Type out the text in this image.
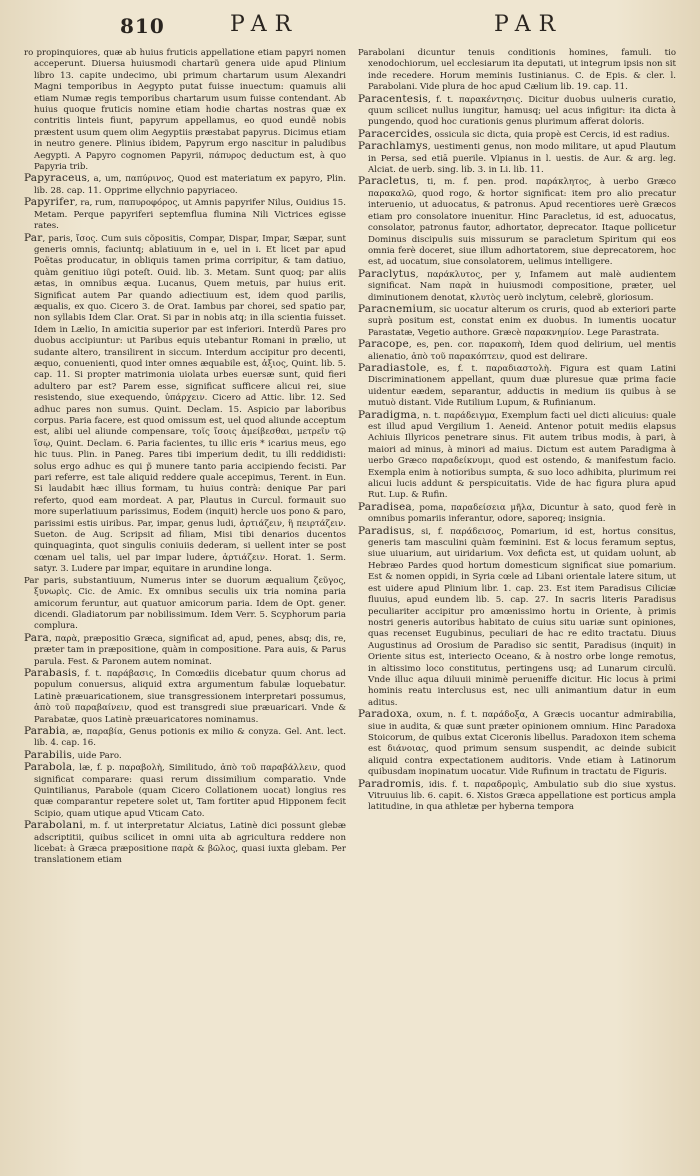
810	PAR	PAR
ro propinquiores, quæ ab huius fruticis appellatione etiam papyri nomen acceperunt. Diuersa huiusmodi chartarũ genera uide apud Plinium libro 13. capite undecimo, ubi primum chartarum usum Alexandri Magni temporibus in Aegypto putat fuisse inuectum: quamuis alii etiam Numæ regis temporibus chartarum usum fuisse contendant. Ab huius quoque fruticis nomine etiam hodie chartas nostras quæ ex contritis linteis fiunt, papyrum appellamus, eo quod eundẽ nobis præstent usum quem olim Aegyptiis præstabat papyrus. Dicimus etiam in neutro genere. Plinius ibidem, Papyrum ergo nascitur in paludibus Aegypti. A Papyro cognomen Papyrii, πάπυρος deductum est, à quo Papyria trib.
Papyraceus, a, um, παπύρινος, Quod est materiatum ex papyro, Plin. lib. 28. cap. 11. Opprime ellychnio papyriaceo.
Papyrifer, ra, rum, παπυροφόρος, ut Amnis papyrifer Nilus, Ouidius 15. Metam. Perque papyriferi septemflua flumina Nili Victrices egisse rates.
Par, paris, ἴσος. Cum suis cõpositis, Compar, Dispar, Impar, Sæpar, sunt generis omnis, faciuntq; ablatiuum in e, uel in i. Et licet par apud Poëtas producatur, in obliquis tamen prima corripitur, & tam datiuo, quàm genitiuo iũgi poteſt. Ouid. lib. 3. Metam. Sunt quoq; par aliis ætas, in omnibus æqua. Lucanus, Quem metuis, par huius erit. Significat autem Par quando adiectiuum est, idem quod parilis, æqualis, ex quo. Cicero 3. de Orat. Iambus par chorei, sed spatio par, non syllabis Idem Clar. Orat. Si par in nobis atq; in illa scientia fuisset. Idem in Lælio, In amicitia superior par est inferiori. Interdũ Pares pro duobus accipiuntur: ut Paribus equis utebantur Romani in prælio, ut sudante altero, transilirent in siccum. Interdum accipitur pro decenti, æquo, conuenienti, quod inter omnes æquabile est, ἀξιος, Quint. lib. 5. cap. 11. Si propter matrimonia uiolata urbes euersæ sunt, quid fieri adultero par est? Parem esse, significat sufficere alicui rei, siue resistendo, siue exequendo, ὑπάρχειν. Cicero ad Attic. libr. 12. Sed adhuc pares non sumus. Quint. Declam. 15. Aspicio par laboribus corpus. Paria facere, est quod omissum est, uel quod aliunde acceptum est, alibi uel aliunde compensare, τοῖς ἴσοις ἀμείβεσθαι, μετρεῖν τῷ ἴσῳ, Quint. Declam. 6. Paria facientes, tu illic eris * icarius meus, ego hic tuus. Plin. in Paneg. Pares tibi imperium dedit, tu illi reddidisti: solus ergo adhuc es qui p̃ munere tanto paria accipiendo fecisti. Par pari referre, est tale aliquid reddere quale accepimus, Terent. in Eun. Si laudabit hæc illius formam, tu huius contrà: denique Par pari referto, quod eam mordeat. A par, Plautus in Curcul. formauit suo more superlatiuum parissimus, Eodem (inquit) hercle uos pono & paro, parissimi estis uiribus. Par, impar, genus ludi, ἀρτιάζειν, ἢ πειρτάζειν. Sueton. de Aug. Scripsit ad filiam, Misi tibi denarios ducentos quinquaginta, quot singulis coniuiis dederam, si uellent inter se post cœnam uel talis, uel par impar ludere, ἀρτιάζειν. Horat. 1. Serm. satyr. 3. Ludere par impar, equitare in arundine longa.
Par paris, substantiuum, Numerus inter se duorum æqualium ζεῦγος, ξυνωρὶς. Cic. de Amic. Ex omnibus seculis uix tria nomina paria amicorum feruntur, aut quatuor amicorum paria. Idem de Opt. gener. dicendi. Gladiatorum par nobilissimum. Idem Verr. 5. Scyphorum paria complura.
Para, παρὰ, præpositio Græca, significat ad, apud, penes, absq; dis, re, præter tam in præpositione, quàm in compositione. Para auis, & Parus parula. Fest. & Paronem autem nominat.
Parabasis, f. t. παράβασις, In Comœdiis dicebatur quum chorus ad populum conuersus, aliquid extra argumentum fabulæ loquebatur. Latinè præuaricationem, siue transgressionem interpretari possumus, ἀπὸ τοῦ παραβαίνειν, quod est transgredi siue præuaricari. Vnde & Parabatæ, quos Latinè præuaricatores nominamus.
Parabia, æ, παραβία, Genus potionis ex milio & conyza. Gel. Ant. lect. lib. 4. cap. 16.
Parabilis, uide Paro.
Parabola, læ, f. p. παραβολὴ, Similitudo, ἀπὸ τοῦ παραβάλλειν, quod significat comparare: quasi rerum dissimilium comparatio. Vnde Quintilianus, Parabole (quam Cicero Collationem uocat) longius res quæ comparantur repetere solet ut, Tam fortiter apud Hipponem fecit Scipio, quam utique apud Vticam Cato.
Parabolani, m. f. ut interpretatur Alciatus, Latinè dici possunt glebæ adscriptitii, quibus scilicet in omni uita ab agricultura reddere non licebat: à Græca præpositione παρὰ & βῶλος, quasi iuxta glebam. Per translationem etiam
Parabolani dicuntur tenuis conditionis homines, famuli. tio xenodochiorum, uel ecclesiarum ita deputati, ut integrum ipsis non sit inde recedere. Horum meminis Iustinianus. C. de Epis. & cler. l. Parabolani. Vide plura de hoc apud Cælium lib. 19. cap. 11.
Paracentesis, f. t. παρακέντησις. Dicitur duobus uulneris curatio, quum scilicet nullus iungitur, hamusq; uel acus infigitur: ita dicta à pungendo, quod hoc curationis genus plurimum afferat doloris.
Paracercides, ossicula sic dicta, quia propè est Cercis, id est radius.
Parachlamys, uestimenti genus, non modo militare, ut apud Plautum in Persa, sed etiā puerile. Vlpianus in l. uestis. de Aur. & arg. leg. Alciat. de uerb. sing. lib. 3. in Li. lib. 11.
Paracletus, ti, m. f. pen. prod. παράκλητος, à uerbo Græco παρακαλῶ, quod rogo, & hortor significat: item pro alio precatur interuenio, ut aduocatus, & patronus. Apud recentiores uerè Græcos etiam pro consolatore inuenitur. Hinc Paracletus, id est, aduocatus, consolator, patronus fautor, adhortator, deprecator. Itaque pollicetur Dominus discipulis suis missurum se paracletum Spiritum qui eos omnia ferè doceret, siue illum adhortatorem, siue deprecatorem, hoc est, ad uocatum, siue consolatorem, uelimus intelligere.
Paraclytus, παράκλυτος, per y, Infamem aut malè audientem significat. Nam παρὰ in huiusmodi compositione, præter, uel diminutionem denotat, κλυτὸς uerò inclytum, celebrẽ, gloriosum.
Paracnemium, sic uocatur alterum os cruris, quod ab exteriori parte suprà positum est, constat enim ex duobus. In iumentis uocatur Parastatæ, Vegetio authore. Græcè παρακνημίον. Lege Parastrata.
Paracope, es, pen. cor. παρακοπὴ, Idem quod delirium, uel mentis alienatio, ἀπὸ τοῦ παρακόπτειν, quod est delirare.
Paradiastole, es, f. t. παραδιαστολὴ. Figura est quam Latini Discriminationem appellant, quum duæ pluresue quæ prima facie uidentur eædem, separantur, adductis in medium iis quibus à se mutuò distant. Vide Rutilium Lupum, & Rufinianum.
Paradigma, n. t. παράδειγμα, Exemplum facti uel dicti alicuius: quale est illud apud Vergilium 1. Aeneid. Antenor potuit mediis elapsus Achiuis Illyricos penetrare sinus. Fit autem tribus modis, à pari, à maiori ad minus, à minori ad maius. Dictum est autem Paradigma à uerbo Græco παραδείκνυμι, quod est ostendo, & manifestum facio. Exempla enim à notioribus sumpta, & suo loco adhibita, plurimum rei alicui lucis addunt & perspicuitatis. Vide de hac figura plura apud Rut. Lup. & Rufin.
Paradisea, poma, παραδείσεια μῆλα, Dicuntur à sato, quod ferè in omnibus pomariis inferantur, odore, saporeq; insignia.
Paradisus, si, f. παράδεισος, Pomarium, id est, hortus consitus, generis tam masculini quàm fœminini. Est & locus feramum septus, siue uiuarium, aut uiridarium. Vox deficta est, ut quidam uolunt, ab Hebræo Pardes quod hortum domesticum significat siue pomarium. Est & nomen oppidi, in Syria cœle ad Libani orientale latere situm, ut est uidere apud Plinium libr. 1. cap. 23. Est item Paradisus Ciliciæ fluuius, apud eundem lib. 5. cap. 27. In sacris literis Paradisus peculiariter accipitur pro amœnissimo hortu in Oriente, à primis nostri generis autoribus habitato de cuius situ uariæ sunt opiniones, quas recenset Eugubinus, peculiari de hac re edito tractatu. Diuus Augustinus ad Orosium de Paradiso sic sentit, Paradisus (inquit) in Oriente situs est, interiecto Oceano, & à nostro orbe longe remotus, in altissimo loco constitutus, pertingens usq; ad Lunarum circulũ. Vnde illuc aqua diluuii minimè perueniffe dicitur. Hic locus à primi hominis reatu interclusus est, nec ulli animantium datur in eum aditus.
Paradoxa, oxum, n. f. t. παράδοξα, A Græcis uocantur admirabilia, siue in audita, & quæ sunt præter opinionem omnium. Hinc Paradoxa Stoicorum, de quibus extat Ciceronis libellus. Paradoxon item schema est διάνοιας, quod primum sensum suspendit, ac deinde subicit aliquid contra expectationem auditoris. Vnde etiam à Latinorum quibusdam inopinatum uocatur. Vide Rufinum in tractatu de Figuris.
Paradromis, idis. f. t. παραδρομὶς, Ambulatio sub dio siue xystus. Vitruuius lib. 6. capit. 6. Xistos Græca appellatione est porticus ampla latitudine, in qua athletæ per hyberna tempora
